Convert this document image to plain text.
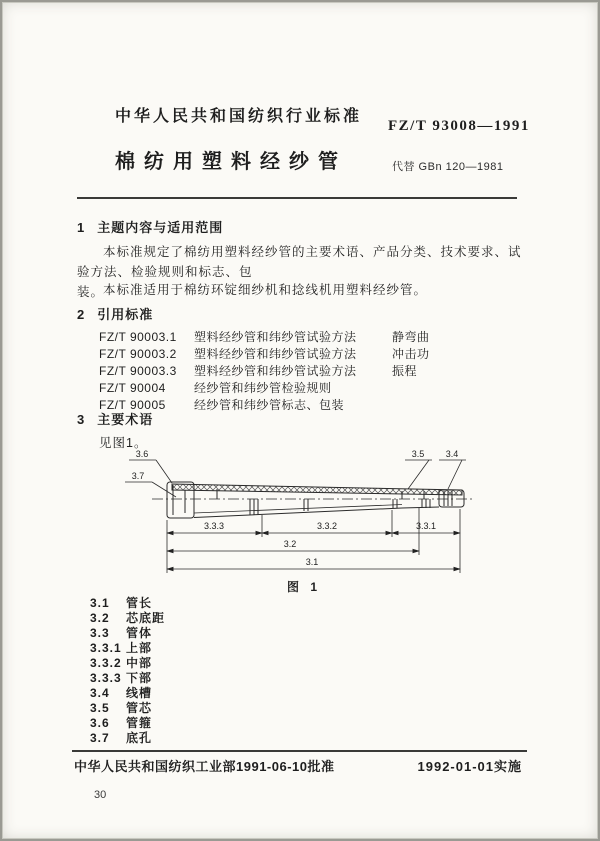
中华人民共和国纺织行业标准
FZ/T 93008—1991
棉纺用塑料经纱管	代替 GBn 120—1981
1 主题内容与适用范围
本标准规定了棉纺用塑料经纱管的主要术语、产品分类、技术要求、试验方法、检验规则和标志、包
装。
本标准适用于棉纺环锭细纱机和捻线机用塑料经纱管。
2 引用标准
FZ/T 90003.1 塑料经纱管和纬纱管试验方法	静弯曲
FZ/T 90003.2 塑料经纱管和纬纱管试验方法	冲击功
FZ/T 90003.3 塑料经纱管和纬纱管试验方法	振程
FZ/T 90004 经纱管和纬纱管检验规则
FZ/T 90005 经纱管和纬纱管标志、包装
3 主要术语
见图1。
3.6
3.7
3.5 3.4
3.3.3	3.3.2	3.3.1
3.2
3.1
图 1
3.1 管长
3.2 芯底距
3.3 管体
3.3.1 上部
3.3.2 中部
3.3.3 下部
3.4 线槽
3.5 管芯
3.6 管箍
3.7 底孔
中华人民共和国纺织工业部1991-06-10批准	1992-01-01实施
30
